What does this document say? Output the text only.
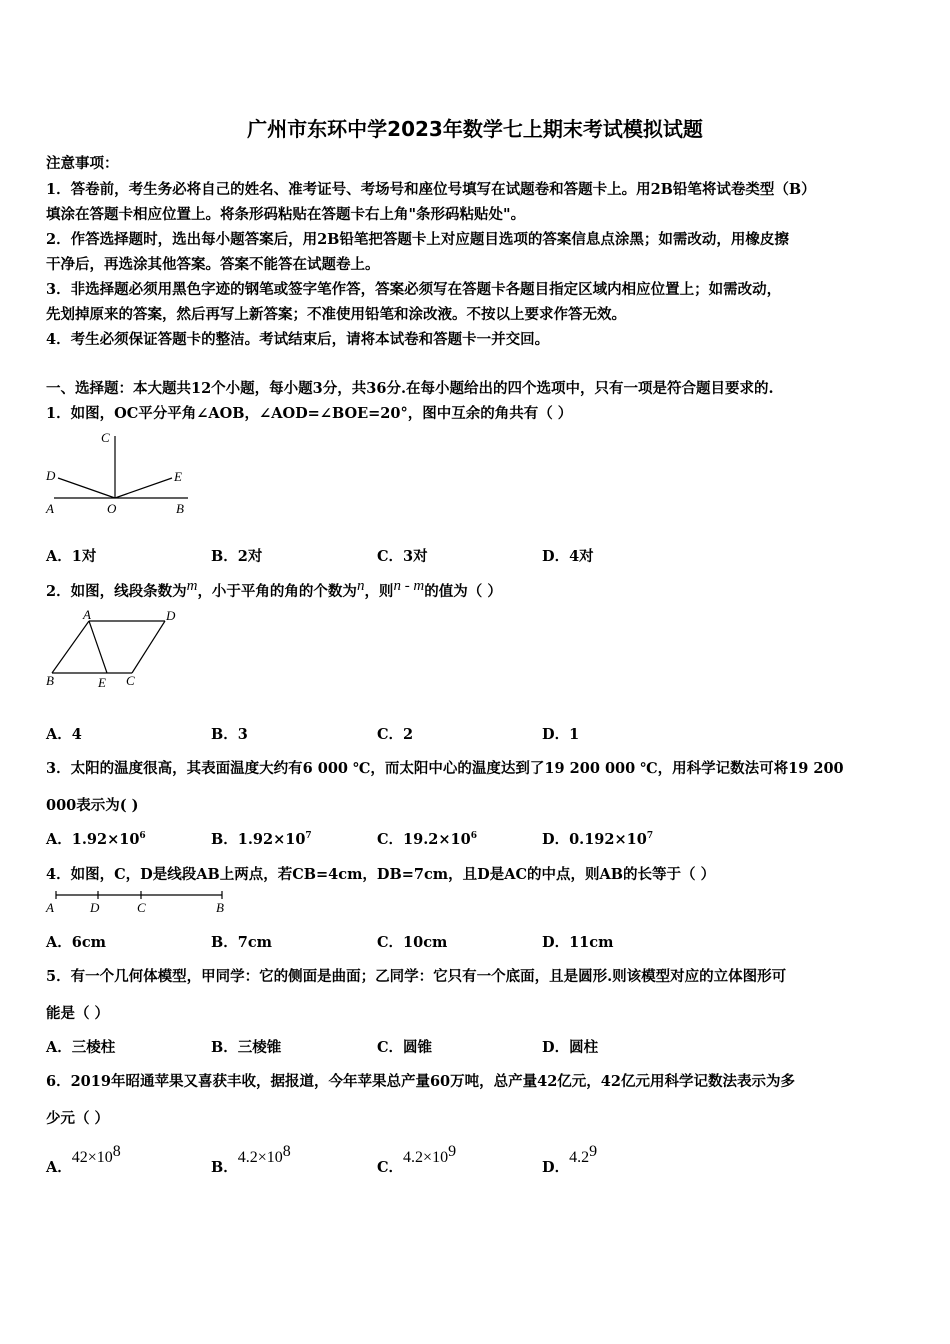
广州市东环中学2023年数学七上期末考试模拟试题
注意事项：
1．答卷前，考生务必将自己的姓名、准考证号、考场号和座位号填写在试题卷和答题卡上。用2B铅笔将试卷类型（B）
填涂在答题卡相应位置上。将条形码粘贴在答题卡右上角"条形码粘贴处"。
2．作答选择题时，选出每小题答案后，用2B铅笔把答题卡上对应题目选项的答案信息点涂黑；如需改动，用橡皮擦
干净后，再选涂其他答案。答案不能答在试题卷上。
3．非选择题必须用黑色字迹的钢笔或签字笔作答，答案必须写在答题卡各题目指定区域内相应位置上；如需改动，
先划掉原来的答案，然后再写上新答案；不准使用铅笔和涂改液。不按以上要求作答无效。
4．考生必须保证答题卡的整洁。考试结束后，请将本试卷和答题卡一并交回。
一、选择题：本大题共12个小题，每小题3分，共36分.在每小题给出的四个选项中，只有一项是符合题目要求的.
1．如图，OC平分平角∠AOB，∠AOD=∠BOE=20°，图中互余的角共有（ ）
C
D	E
A	O	B
A．1对	B．2对	C．3对	D．4对
2．如图，线段条数为m，小于平角的角的个数为n，则n - m的值为（ ）
A	D
B	E C
A．4	B．3	C．2	D．1
3．太阳的温度很高，其表面温度大约有6 000 ℃，而太阳中心的温度达到了19 200 000 ℃，用科学记数法可将19 200
000表示为( )
A．$1.92\times 10^6$	B．$1.92\times 10^7$	C．$19.2\times 10^6$	D．$0.192\times 10^7$
4．如图，C，D是线段AB上两点，若CB=4cm，DB=7cm，且D是AC的中点，则AB的长等于（ ）
A	D	C	B
A．6cm	B．7cm	C．10cm	D．11cm
5．有一个几何体模型，甲同学：它的侧面是曲面；乙同学：它只有一个底面，且是圆形.则该模型对应的立体图形可
能是（ ）
A．三棱柱	B．三棱锥	C．圆锥	D．圆柱
6．2019年昭通苹果又喜获丰收，据报道，今年苹果总产量60万吨，总产量42亿元，42亿元用科学记数法表示为多
少元（ ）
A．$42\times 10^8$
B．$4.2\times 10^8$
C．$4.2\times 10^9$
D．$4.2^9$
